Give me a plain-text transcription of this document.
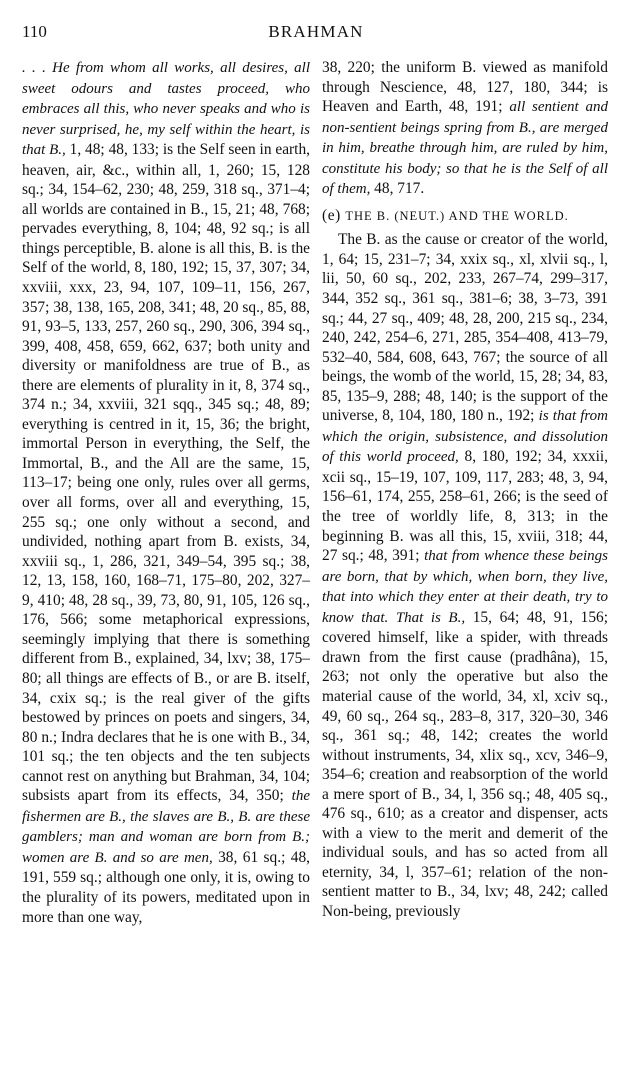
110	BRAHMAN

. . . He from whom all works, all desires, all sweet odours and tastes proceed, who embraces all this, who never speaks and who is never surprised, he, my self within the heart, is that B., 1, 48; 48, 133; is the Self seen in earth, heaven, air, &c., within all, 1, 260; 15, 128 sq.; 34, 154–62, 230; 48, 259, 318 sq., 371–4; all worlds are contained in B., 15, 21; 48, 768; pervades everything, 8, 104; 48, 92 sq.; is all things perceptible, B. alone is all this, B. is the Self of the world, 8, 180, 192; 15, 37, 307; 34, xxviii, xxx, 23, 94, 107, 109–11, 156, 267, 357; 38, 138, 165, 208, 341; 48, 20 sq., 85, 88, 91, 93–5, 133, 257, 260 sq., 290, 306, 394 sq., 399, 408, 458, 659, 662, 637; both unity and diversity or manifoldness are true of B., as there are elements of plurality in it, 8, 374 sq., 374 n.; 34, xxviii, 321 sqq., 345 sq.; 48, 89; everything is centred in it, 15, 36; the bright, immortal Person in everything, the Self, the Immortal, B., and the All are the same, 15, 113–17; being one only, rules over all germs, over all forms, over all and everything, 15, 255 sq.; one only without a second, and undivided, nothing apart from B. exists, 34, xxviii sq., 1, 286, 321, 349–54, 395 sq.; 38, 12, 13, 158, 160, 168–71, 175–80, 202, 327–9, 410; 48, 28 sq., 39, 73, 80, 91, 105, 126 sq., 176, 566; some metaphorical expressions, seemingly implying that there is something different from B., explained, 34, lxv; 38, 175–80; all things are effects of B., or are B. itself, 34, cxix sq.; is the real giver of the gifts bestowed by princes on poets and singers, 34, 80 n.; Indra declares that he is one with B., 34, 101 sq.; the ten objects and the ten subjects cannot rest on anything but Brahman, 34, 104; subsists apart from its effects, 34, 350; the fishermen are B., the slaves are B., B. are these gamblers; man and woman are born from B.; women are B. and so are men, 38, 61 sq.; 48, 191, 559 sq.; although one only, it is, owing to the plurality of its powers, meditated upon in more than one way,

38, 220; the uniform B. viewed as manifold through Nescience, 48, 127, 180, 344; is Heaven and Earth, 48, 191; all sentient and non-sentient beings spring from B., are merged in him, breathe through him, are ruled by him, constitute his body; so that he is the Self of all of them, 48, 717.

(e) THE B. (NEUT.) AND THE WORLD.

The B. as the cause or creator of the world, 1, 64; 15, 231–7; 34, xxix sq., xl, xlvii sq., l, lii, 50, 60 sq., 202, 233, 267–74, 299–317, 344, 352 sq., 361 sq., 381–6; 38, 3–73, 391 sq.; 44, 27 sq., 409; 48, 28, 200, 215 sq., 234, 240, 242, 254–6, 271, 285, 354–408, 413–79, 532–40, 584, 608, 643, 767; the source of all beings, the womb of the world, 15, 28; 34, 83, 85, 135–9, 288; 48, 140; is the support of the universe, 8, 104, 180, 180 n., 192; is that from which the origin, subsistence, and dissolution of this world proceed, 8, 180, 192; 34, xxxii, xcii sq., 15–19, 107, 109, 117, 283; 48, 3, 94, 156–61, 174, 255, 258–61, 266; is the seed of the tree of worldly life, 8, 313; in the beginning B. was all this, 15, xviii, 318; 44, 27 sq.; 48, 391; that from whence these beings are born, that by which, when born, they live, that into which they enter at their death, try to know that. That is B., 15, 64; 48, 91, 156; covered himself, like a spider, with threads drawn from the first cause (pradhâna), 15, 263; not only the operative but also the material cause of the world, 34, xl, xciv sq., 49, 60 sq., 264 sq., 283–8, 317, 320–30, 346 sq., 361 sq.; 48, 142; creates the world without instruments, 34, xlix sq., xcv, 346–9, 354–6; creation and reabsorption of the world a mere sport of B., 34, l, 356 sq.; 48, 405 sq., 476 sq., 610; as a creator and dispenser, acts with a view to the merit and demerit of the individual souls, and has so acted from all eternity, 34, l, 357–61; relation of the non-sentient matter to B., 34, lxv; 48, 242; called Non-being, previously
